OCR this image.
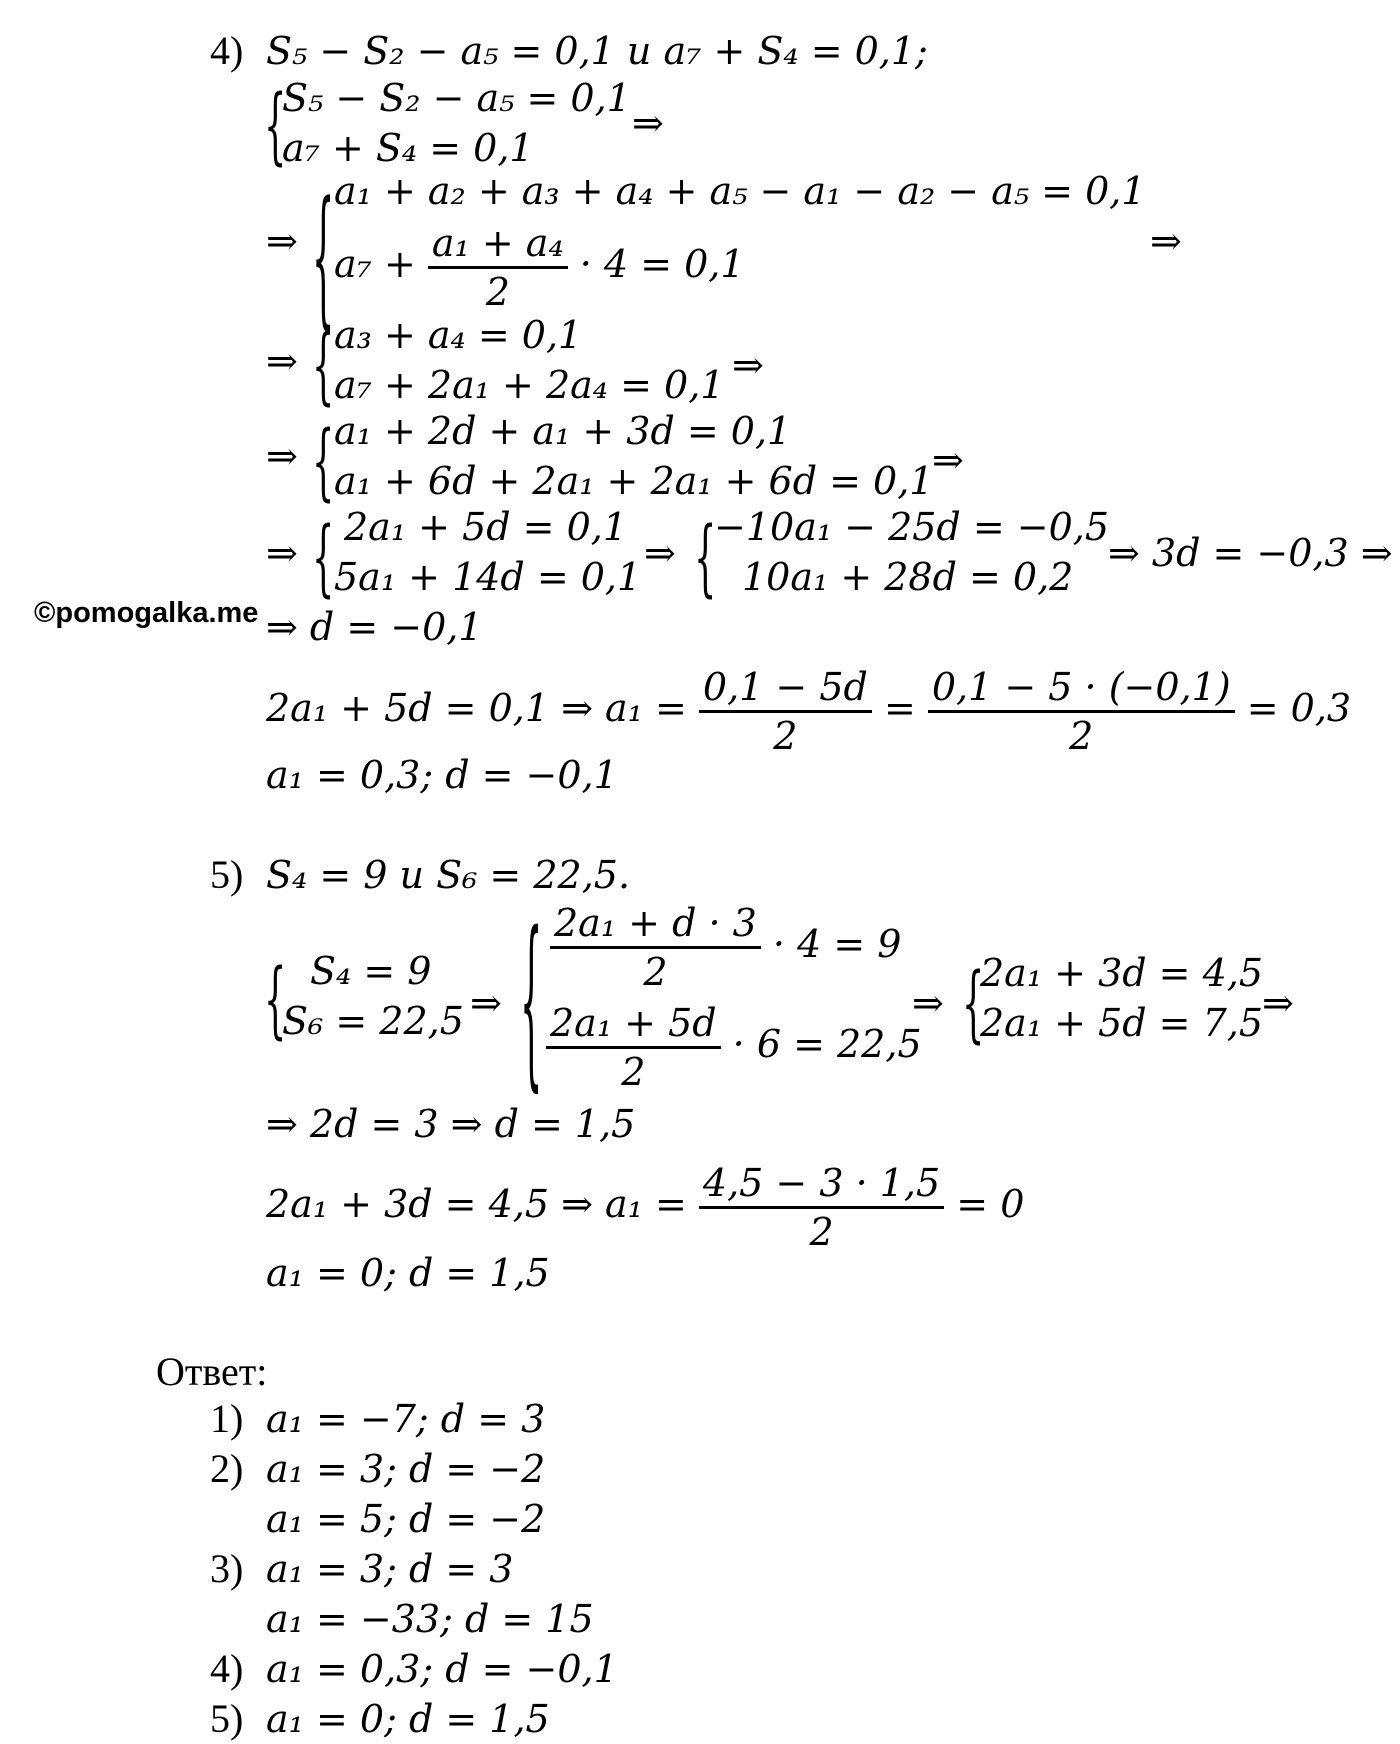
4) S₅ − S₂ − a₅ = 0,1 и a₇ + S₄ = 0,1;
{
S₅ − S₂ − a₅ = 0,1
a₇ + S₄ = 0,1
⇒
⇒ { a₁ + a₂ + a₃ + a₄ + a₅ − a₁ − a₂ − a₅ = 0,1
$a_7 + \frac{\text{a₁ + a₄}}{2} \cdot 4 = 0,1$
⇒
⇒ { a₃ + a₄ = 0,1
a₇ + 2a₁ + 2a₄ = 0,1 ⇒
⇒ { a₁ + 2d + a₁ + 3d = 0,1
a₁ + 6d + 2a₁ + 2a₁ + 6d = 0,1
⇒
⇒ { 2a₁ + 5d = 0,1
5a₁ + 14d = 0,1
⇒ {
−10a₁ − 25d = −0,5
10a₁ + 28d = 0,2
⇒ 3d = −0,3 ⇒
©pomogalka.me ⇒ d = −0,1
2a₁ + 5d = 0,1 ⇒ $a_1 = \frac{0,1 - 5d}{2} = \frac{0,1 - 5 \cdot (-0,1)}{2} = 0,3$
a₁ = 0,3; d = −0,1
5) S₄ = 9 и S₆ = 22,5.
{ S₄ = 9
S₆ = 22,5 ⇒ { $\frac{\text{2a₁ + d · 3}}{2} \cdot 4 = 9$
$\frac{\text{2a₁ + 5d}}{2} \cdot 6 = 22,5$
⇒ {
2a₁ + 3d = 4,5
2a₁ + 5d = 7,5 ⇒
⇒ 2d = 3 ⇒ d = 1,5
2a₁ + 3d = 4,5 ⇒ $a_1 = \frac{4,5 - 3 \cdot 1,5}{2} = 0$
a₁ = 0; d = 1,5
Ответ:
1) a₁ = −7; d = 3
2) a₁ = 3; d = −2
a₁ = 5; d = −2
3) a₁ = 3; d = 3
a₁ = −33; d = 15
4) a₁ = 0,3; d = −0,1
5) a₁ = 0; d = 1,5
